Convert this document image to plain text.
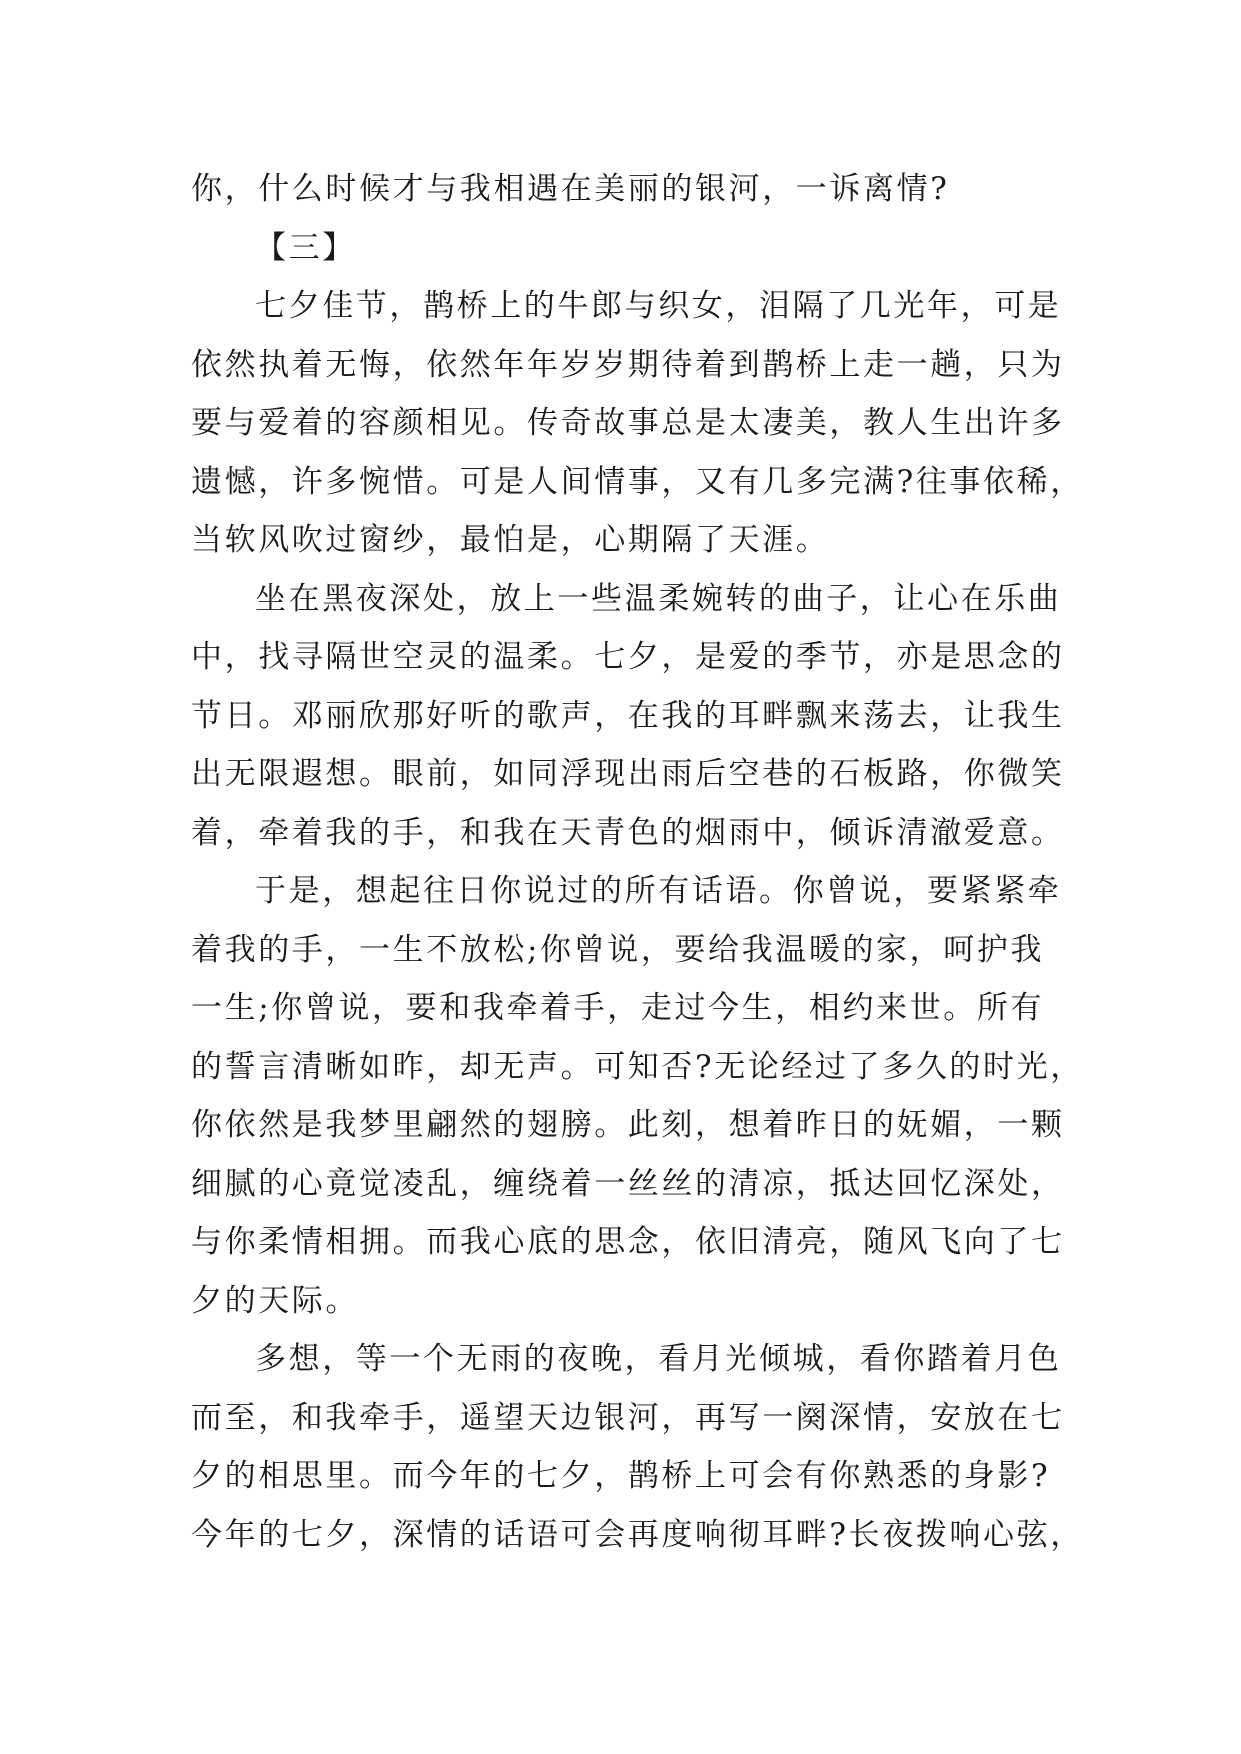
你，什么时候才与我相遇在美丽的银河，一诉离情?
【三】
七夕佳节，鹊桥上的牛郎与织女，泪隔了几光年，可是
依然执着无悔，依然年年岁岁期待着到鹊桥上走一趟，只为
要与爱着的容颜相见。传奇故事总是太凄美，教人生出许多
遗憾，许多惋惜。可是人间情事，又有几多完满?往事依稀，
当软风吹过窗纱，最怕是，心期隔了天涯。
坐在黑夜深处，放上一些温柔婉转的曲子，让心在乐曲
中，找寻隔世空灵的温柔。七夕，是爱的季节，亦是思念的
节日。邓丽欣那好听的歌声，在我的耳畔飘来荡去，让我生
出无限遐想。眼前，如同浮现出雨后空巷的石板路，你微笑
着，牵着我的手，和我在天青色的烟雨中，倾诉清澈爱意。
于是，想起往日你说过的所有话语。你曾说，要紧紧牵
着我的手，一生不放松;你曾说，要给我温暖的家，呵护我
一生;你曾说，要和我牵着手，走过今生，相约来世。所有
的誓言清晰如昨，却无声。可知否?无论经过了多久的时光，
你依然是我梦里翩然的翅膀。此刻，想着昨日的妩媚，一颗
细腻的心竟觉凌乱，缠绕着一丝丝的清凉，抵达回忆深处，
与你柔情相拥。而我心底的思念，依旧清亮，随风飞向了七
夕的天际。
多想，等一个无雨的夜晚，看月光倾城，看你踏着月色
而至，和我牵手，遥望天边银河，再写一阕深情，安放在七
夕的相思里。而今年的七夕，鹊桥上可会有你熟悉的身影?
今年的七夕，深情的话语可会再度响彻耳畔?长夜拨响心弦，
